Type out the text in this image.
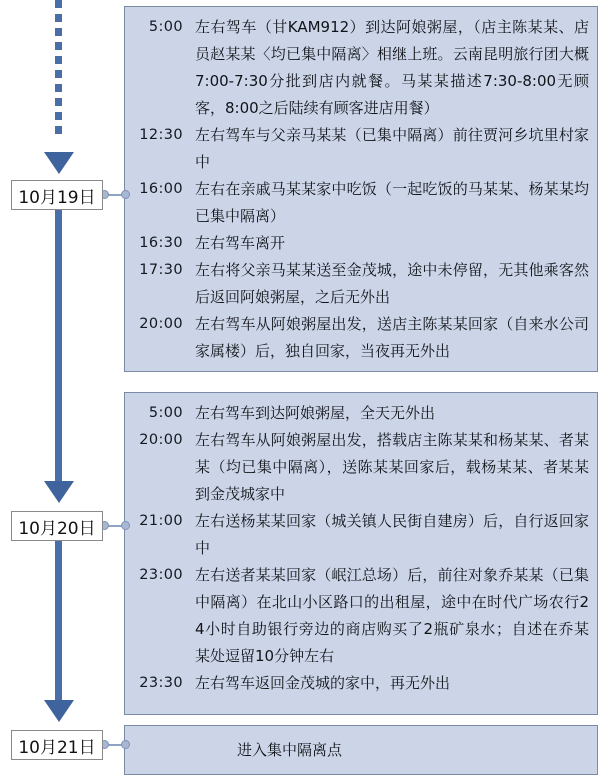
10月19日
10月20日
10月21日
5:00 左右驾车（甘KAM912）到达阿娘粥屋，（店主陈某某、店员赵某某〈均已集中隔离〉相继上班。云南昆明旅行团大概7:00-7:30分批到店内就餐。马某某描述7:30-8:00无顾客，8:00之后陆续有顾客进店用餐）
12:30 左右驾车与父亲马某某（已集中隔离）前往贾河乡坑里村家中
16:00 左右在亲戚马某某家中吃饭（一起吃饭的马某某、杨某某均已集中隔离）
16:30 左右驾车离开
17:30 左右将父亲马某某送至金茂城，途中未停留，无其他乘客然后返回阿娘粥屋，之后无外出
20:00 左右驾车从阿娘粥屋出发，送店主陈某某回家（自来水公司家属楼）后，独自回家，当夜再无外出
5:00 左右驾车到达阿娘粥屋，全天无外出
20:00 左右驾车从阿娘粥屋出发，搭载店主陈某某和杨某某、者某某（均已集中隔离），送陈某某回家后，载杨某某、者某某到金茂城家中
21:00 左右送杨某某回家（城关镇人民街自建房）后，自行返回家中
23:00 左右送者某某回家（岷江总场）后，前往对象乔某某（已集中隔离）在北山小区路口的出租屋，途中在时代广场农行24小时自助银行旁边的商店购买了2瓶矿泉水；自述在乔某某处逗留10分钟左右
23:30 左右驾车返回金茂城的家中，再无外出
进入集中隔离点
